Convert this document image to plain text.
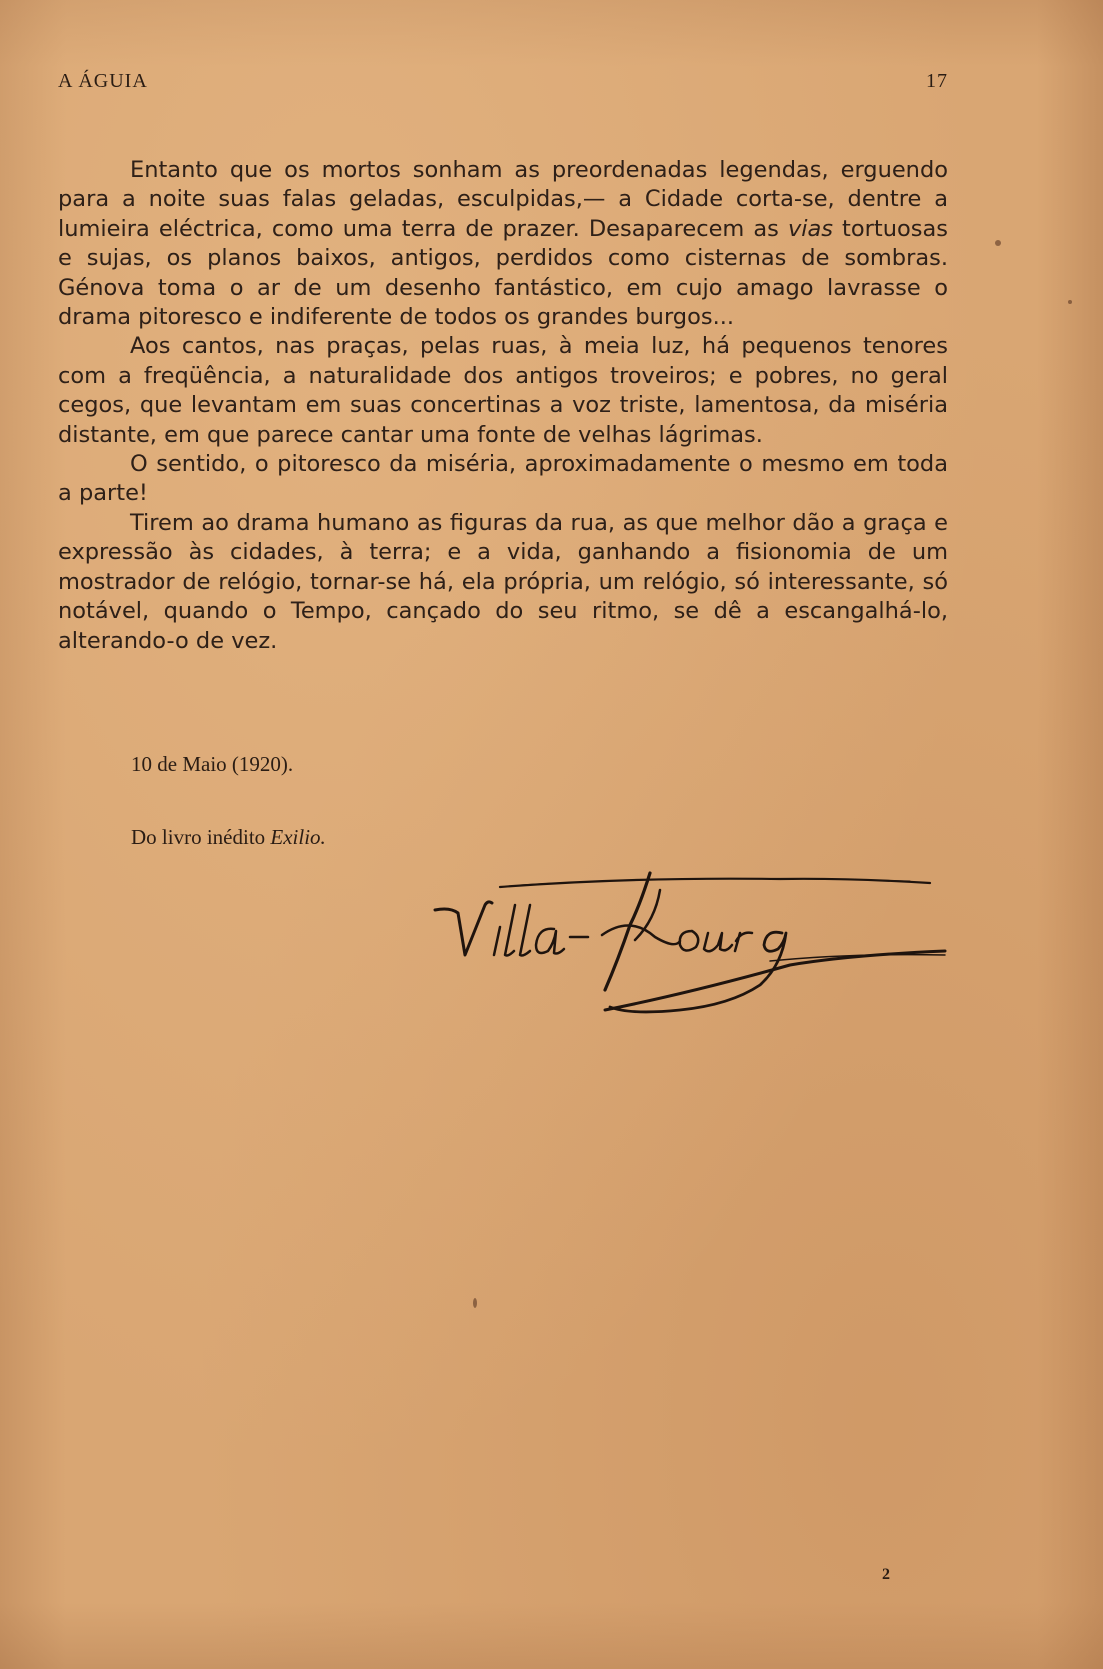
A ÁGUIA	17

Entanto que os mortos sonham as preordenadas legendas, erguendo para a noite suas falas geladas, esculpidas,— a Cidade corta-se, dentre a lumieira eléctrica, como uma terra de prazer. Desaparecem as vias tortuosas e sujas, os planos baixos, antigos, perdidos como cisternas de sombras. Génova toma o ar de um desenho fantástico, em cujo amago lavrasse o drama pitoresco e indiferente de todos os grandes burgos...

Aos cantos, nas praças, pelas ruas, à meia luz, há pequenos tenores com a freqüência, a naturalidade dos antigos troveiros; e pobres, no geral cegos, que levantam em suas concertinas a voz triste, lamentosa, da miséria distante, em que parece cantar uma fonte de velhas lágrimas.

O sentido, o pitoresco da miséria, aproximadamente o mesmo em toda a parte!

Tirem ao drama humano as figuras da rua, as que melhor dão a graça e expressão às cidades, à terra; e a vida, ganhando a fisionomia de um mostrador de relógio, tornar-se há, ela própria, um relógio, só interessante, só notável, quando o Tempo, cançado do seu ritmo, se dê a escangalhá-lo, alterando-o de vez.

10 de Maio (1920).
Do livro inédito Exilio.
2
